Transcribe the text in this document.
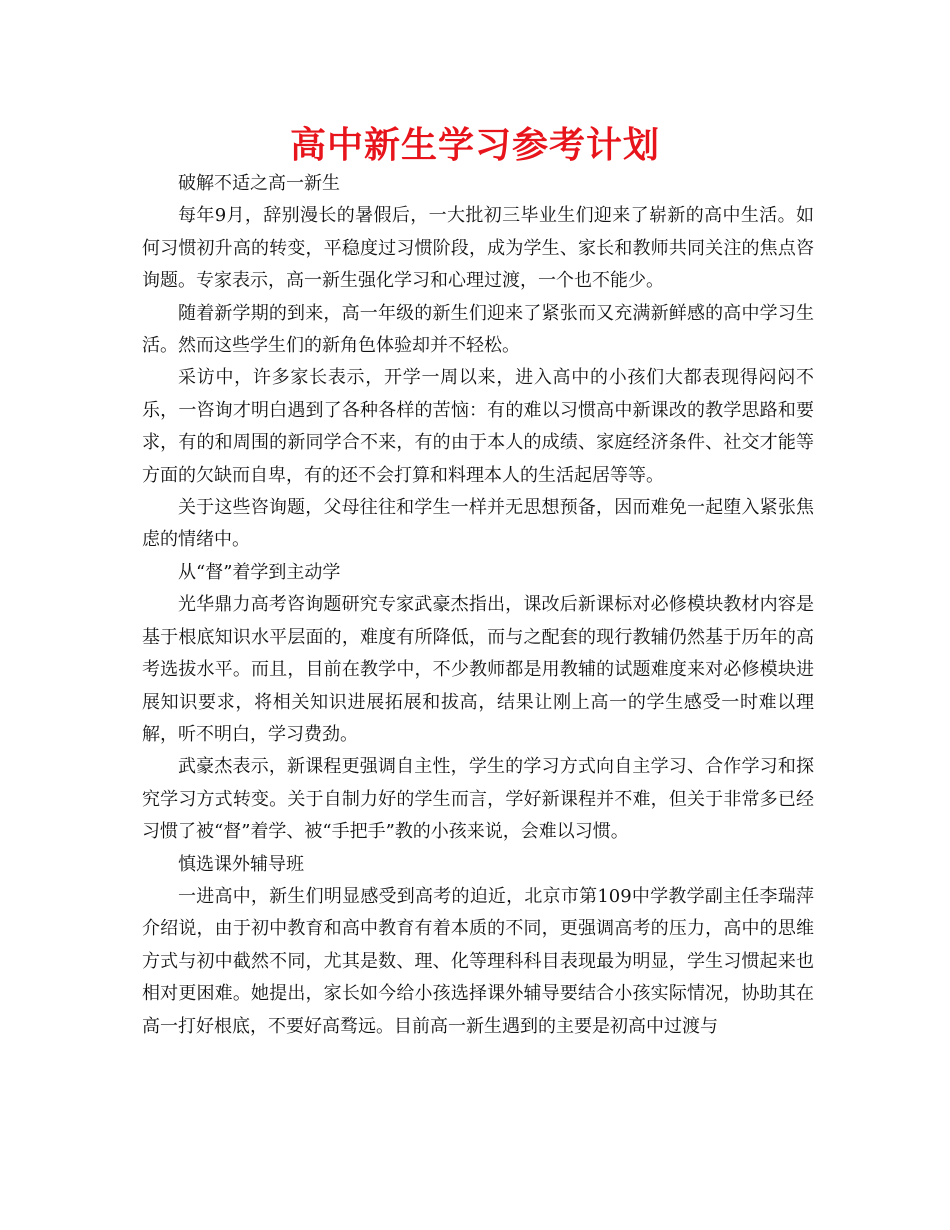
高中新生学习参考计划

破解不适之高一新生

每年9月，辞别漫长的暑假后，一大批初三毕业生们迎来了崭新的高中生活。如何习惯初升高的转变，平稳度过习惯阶段，成为学生、家长和教师共同关注的焦点咨询题。专家表示，高一新生强化学习和心理过渡，一个也不能少。

随着新学期的到来，高一年级的新生们迎来了紧张而又充满新鲜感的高中学习生活。然而这些学生们的新角色体验却并不轻松。

采访中，许多家长表示，开学一周以来，进入高中的小孩们大都表现得闷闷不乐，一咨询才明白遇到了各种各样的苦恼：有的难以习惯高中新课改的教学思路和要求，有的和周围的新同学合不来，有的由于本人的成绩、家庭经济条件、社交才能等方面的欠缺而自卑，有的还不会打算和料理本人的生活起居等等。

关于这些咨询题，父母往往和学生一样并无思想预备，因而难免一起堕入紧张焦虑的情绪中。

从“督”着学到主动学

光华鼎力高考咨询题研究专家武豪杰指出，课改后新课标对必修模块教材内容是基于根底知识水平层面的，难度有所降低，而与之配套的现行教辅仍然基于历年的高考选拔水平。而且，目前在教学中，不少教师都是用教辅的试题难度来对必修模块进展知识要求，将相关知识进展拓展和拔高，结果让刚上高一的学生感受一时难以理解，听不明白，学习费劲。

武豪杰表示，新课程更强调自主性，学生的学习方式向自主学习、合作学习和探究学习方式转变。关于自制力好的学生而言，学好新课程并不难，但关于非常多已经习惯了被“督”着学、被“手把手”教的小孩来说，会难以习惯。

慎选课外辅导班

一进高中，新生们明显感受到高考的迫近，北京市第109中学教学副主任李瑞萍介绍说，由于初中教育和高中教育有着本质的不同，更强调高考的压力，高中的思维方式与初中截然不同，尤其是数、理、化等理科科目表现最为明显，学生习惯起来也相对更困难。她提出，家长如今给小孩选择课外辅导要结合小孩实际情况，协助其在高一打好根底，不要好高骛远。目前高一新生遇到的主要是初高中过渡与
